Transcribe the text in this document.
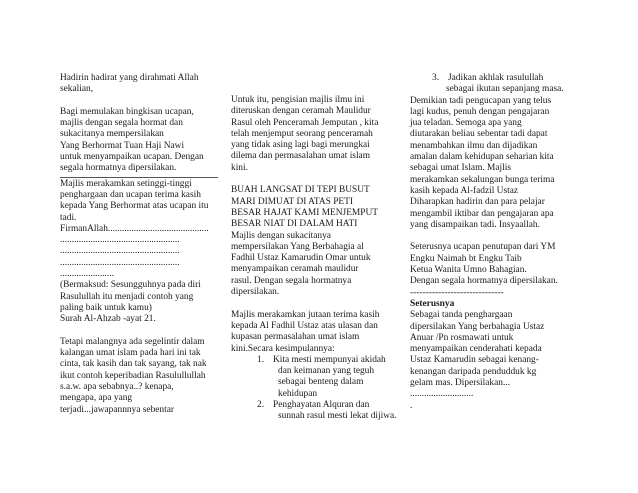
Hadirin hadirat yang dirahmati Allah

sekalian,

Bagi memulakan bingkisan ucapan,

majlis dengan segala hormat dan

sukacitanya mempersilakan

Yang Berhormat Tuan Haji Nawi

untuk menyampaikan ucapan. Dengan

segala hormatnya dipersilakan.

Majlis merakamkan setinggi-tinggi

penghargaan dan ucapan terima kasih

kepada Yang Berhormat atas ucapan itu

tadi.

FirmanAllah...........................................

...................................................

...................................................

...................................................

.......................

(Bermaksud: Sesungguhnya pada diri

Rasulullah itu menjadi contoh yang

paling baik untuk kamu)

Surah Al-Ahzab -ayat 21.

Tetapi malangnya ada segelintir dalam

kalangan umat islam pada hari ini tak

cinta, tak kasih dan tak sayang, tak nak

ikut contoh keperibadian Rasulullullah

s.a.w. apa sebabnya..? kenapa,

mengapa, apa yang

terjadi...jawapannnya sebentar

Untuk itu, pengisian majlis ilmu ini

diteruskan dengan ceramah Maulidur

Rasul oleh Penceramah Jemputan , kita

telah menjemput seorang penceramah

yang tidak asing lagi bagi merungkai

dilema dan permasalahan umat islam

kini.

BUAH LANGSAT DI TEPI BUSUT

MARI DIMUAT DI ATAS PETI

BESAR HAJAT KAMI MENJEMPUT

BESAR NIAT DI DALAM HATI

Majlis dengan sukacitanya

mempersilakan Yang Berbahagia al

Fadhil Ustaz Kamarudin Omar untuk

menyampaikan ceramah maulidur

rasul. Dengan segala hormatnya

dipersilakan.

Majlis merakamkan jutaan terima kasih

kepada Al Fadhil Ustaz atas ulasan dan

kupasan permasalahan umat islam

kini.Secara kesimpulannya:

1. Kita mesti mempunyai akidah

dan keimanan yang teguh

sebagai benteng dalam

kehidupan

2. Penghayatan Alquran dan

sunnah rasul mesti lekat dijiwa.

3. Jadikan akhlak rasulullah

sebagai ikutan sepanjang masa.

Demikian tadi pengucapan yang telus

lagi kudus, penuh dengan pengajaran

jua teladan. Semoga apa yang

diutarakan beliau sebentar tadi dapat

menambahkan ilmu dan dijadikan

amalan dalam kehidupan seharian kita

sebagai umat Islam. Majlis

merakamkan sekalungan bunga terima

kasih kepada Al-fadzil Ustaz

Diharapkan hadirin dan para pelajar

mengambil iktibar dan pengajaran apa

yang disampaikan tadi. Insyaallah.

Seterusnya ucapan penutupan dari YM

Engku Naimah bt Engku Taib

Ketua Wanita Umno Bahagian.

Dengan segala hormatnya dipersilakan.

------------------------------

Seterusnya

Sebagai tanda penghargaan

dipersilakan Yang berbahagia Ustaz

Anuar /Pn rosmawati untuk

menyampaikan cenderahati kepada

Ustaz Kamarudin sebagai kenang-

kenangan daripada pendudduk kg

gelam mas. Dipersilakan...

...........................

.
